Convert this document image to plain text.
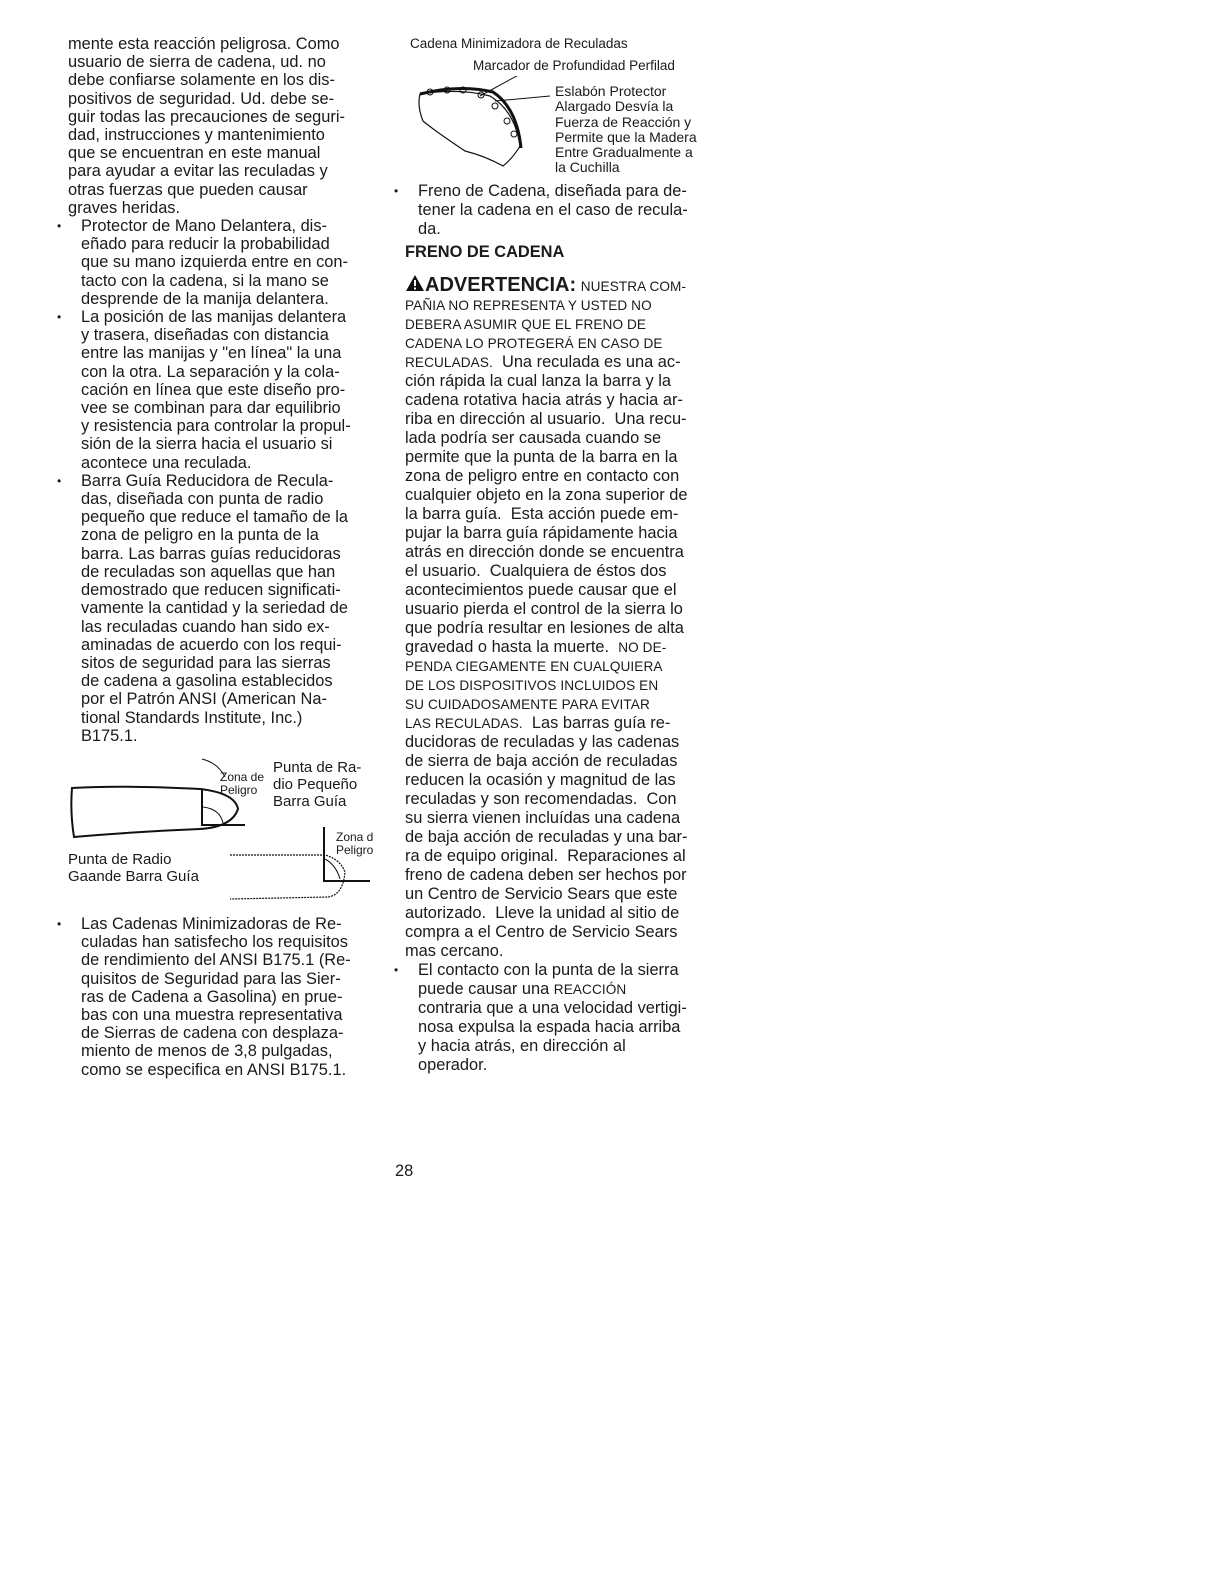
mente esta reacción peligrosa. Como
usuario de sierra de cadena, ud. no
debe confiarse solamente en los dis-
positivos de seguridad. Ud. debe se-
guir todas las precauciones de seguri-
dad, instrucciones y mantenimiento
que se encuentran en este manual
para ayudar a evitar las reculadas y
otras fuerzas que pueden causar
graves heridas.
• Protector de Mano Delantera, dis-
eñado para reducir la probabilidad
que su mano izquierda entre en con-
tacto con la cadena, si la mano se
desprende de la manija delantera.
• La posición de las manijas delantera
y trasera, diseñadas con distancia
entre las manijas y "en línea" la una
con la otra. La separación y la cola-
cación en línea que este diseño pro-
vee se combinan para dar equilibrio
y resistencia para controlar la propul-
sión de la sierra hacia el usuario si
acontece una reculada.
• Barra Guía Reducidora de Recula-
das, diseñada con punta de radio
pequeño que reduce el tamaño de la
zona de peligro en la punta de la
barra. Las barras guías reducidoras
de reculadas son aquellas que han
demostrado que reducen significati-
vamente la cantidad y la seriedad de
las reculadas cuando han sido ex-
aminadas de acuerdo con los requi-
sitos de seguridad para las sierras
de cadena a gasolina establecidos
por el Patrón ANSI (American Na-
tional Standards Institute, Inc.)
B175.1.
Zona de
Peligro
Punta de Ra-
dio Pequeño
Barra Guía
Zona d
Peligro
Punta de Radio
Gaande Barra Guía
• Las Cadenas Minimizadoras de Re-
culadas han satisfecho los requisitos
de rendimiento del ANSI B175.1 (Re-
quisitos de Seguridad para las Sier-
ras de Cadena a Gasolina) en prue-
bas con una muestra representativa
de Sierras de cadena con desplaza-
miento de menos de 3,8 pulgadas,
como se especifica en ANSI B175.1.
Cadena Minimizadora de Reculadas
Marcador de Profundidad Perfilad
Eslabón Protector
Alargado Desvía la
Fuerza de Reacción y
Permite que la Madera
Entre Gradualmente a
la Cuchilla
• Freno de Cadena, diseñada para de-
tener la cadena en el caso de recula-
da.
FRENO DE CADENA
ADVERTENCIA: NUESTRA COM-
PAÑIA NO REPRESENTA Y USTED NO
DEBERA ASUMIR QUE EL FRENO DE
CADENA LO PROTEGERÁ EN CASO DE
RECULADAS.  Una reculada es una ac-
ción rápida la cual lanza la barra y la
cadena rotativa hacia atrás y hacia ar-
riba en dirección al usuario.  Una recu-
lada podría ser causada cuando se
permite que la punta de la barra en la
zona de peligro entre en contacto con
cualquier objeto en la zona superior de
la barra guía.  Esta acción puede em-
pujar la barra guía rápidamente hacia
atrás en dirección donde se encuentra
el usuario.  Cualquiera de éstos dos
acontecimientos puede causar que el
usuario pierda el control de la sierra lo
que podría resultar en lesiones de alta
gravedad o hasta la muerte.  NO DE-
PENDA CIEGAMENTE EN CUALQUIERA
DE LOS DISPOSITIVOS INCLUIDOS EN
SU CUIDADOSAMENTE PARA EVITAR
LAS RECULADAS.  Las barras guía re-
ducidoras de reculadas y las cadenas
de sierra de baja acción de reculadas
reducen la ocasión y magnitud de las
reculadas y son recomendadas.  Con
su sierra vienen incluídas una cadena
de baja acción de reculadas y una bar-
ra de equipo original.  Reparaciones al
freno de cadena deben ser hechos por
un Centro de Servicio Sears que este
autorizado.  Lleve la unidad al sitio de
compra a el Centro de Servicio Sears
mas cercano.
• El contacto con la punta de la sierra
puede causar una REACCIÓN
contraria que a una velocidad vertigi-
nosa expulsa la espada hacia arriba
y hacia atrás, en dirección al
operador.
28
